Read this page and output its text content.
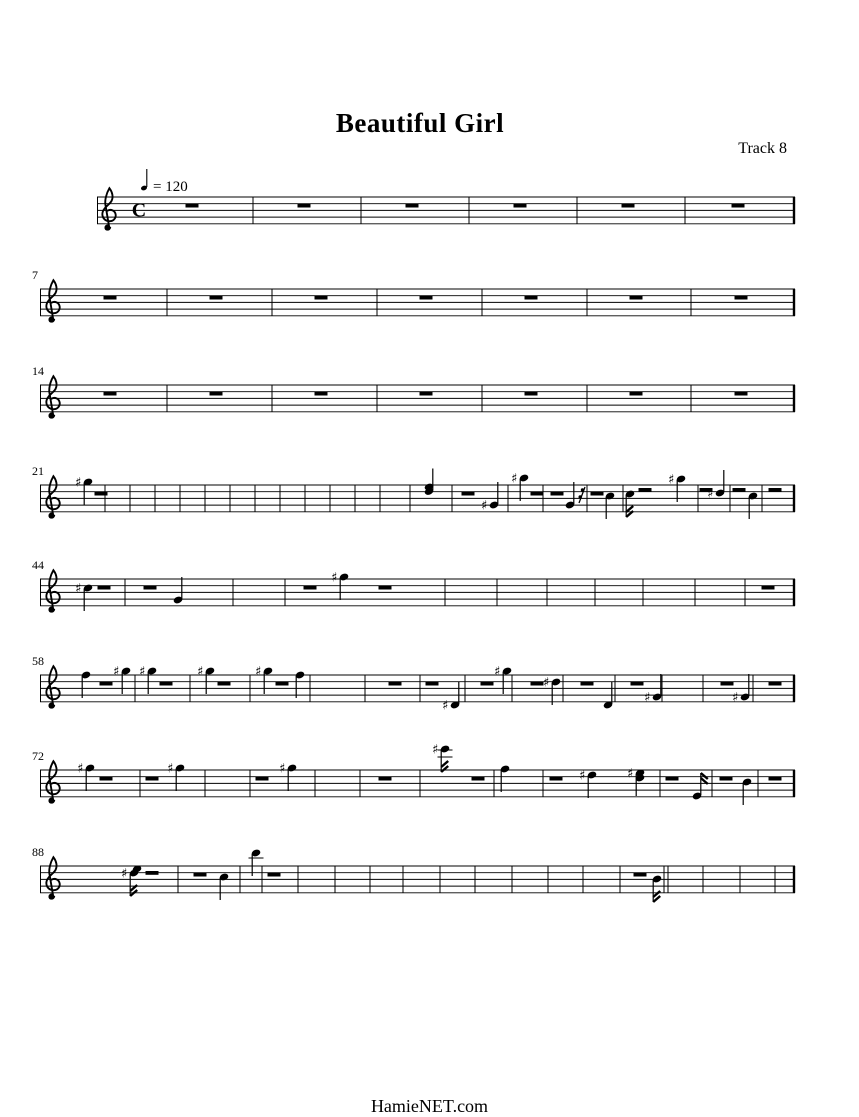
Beautiful Girl
Track 8
C
= 120
7
14
21
♯
♯
♯	♯
♯
44
♯
♯
58
♯ ♯	♯	♯
♯
♯
♯
♯	♯
72
♯	♯	♯
♯
♯	♯
88
♯
HamieNET.com
